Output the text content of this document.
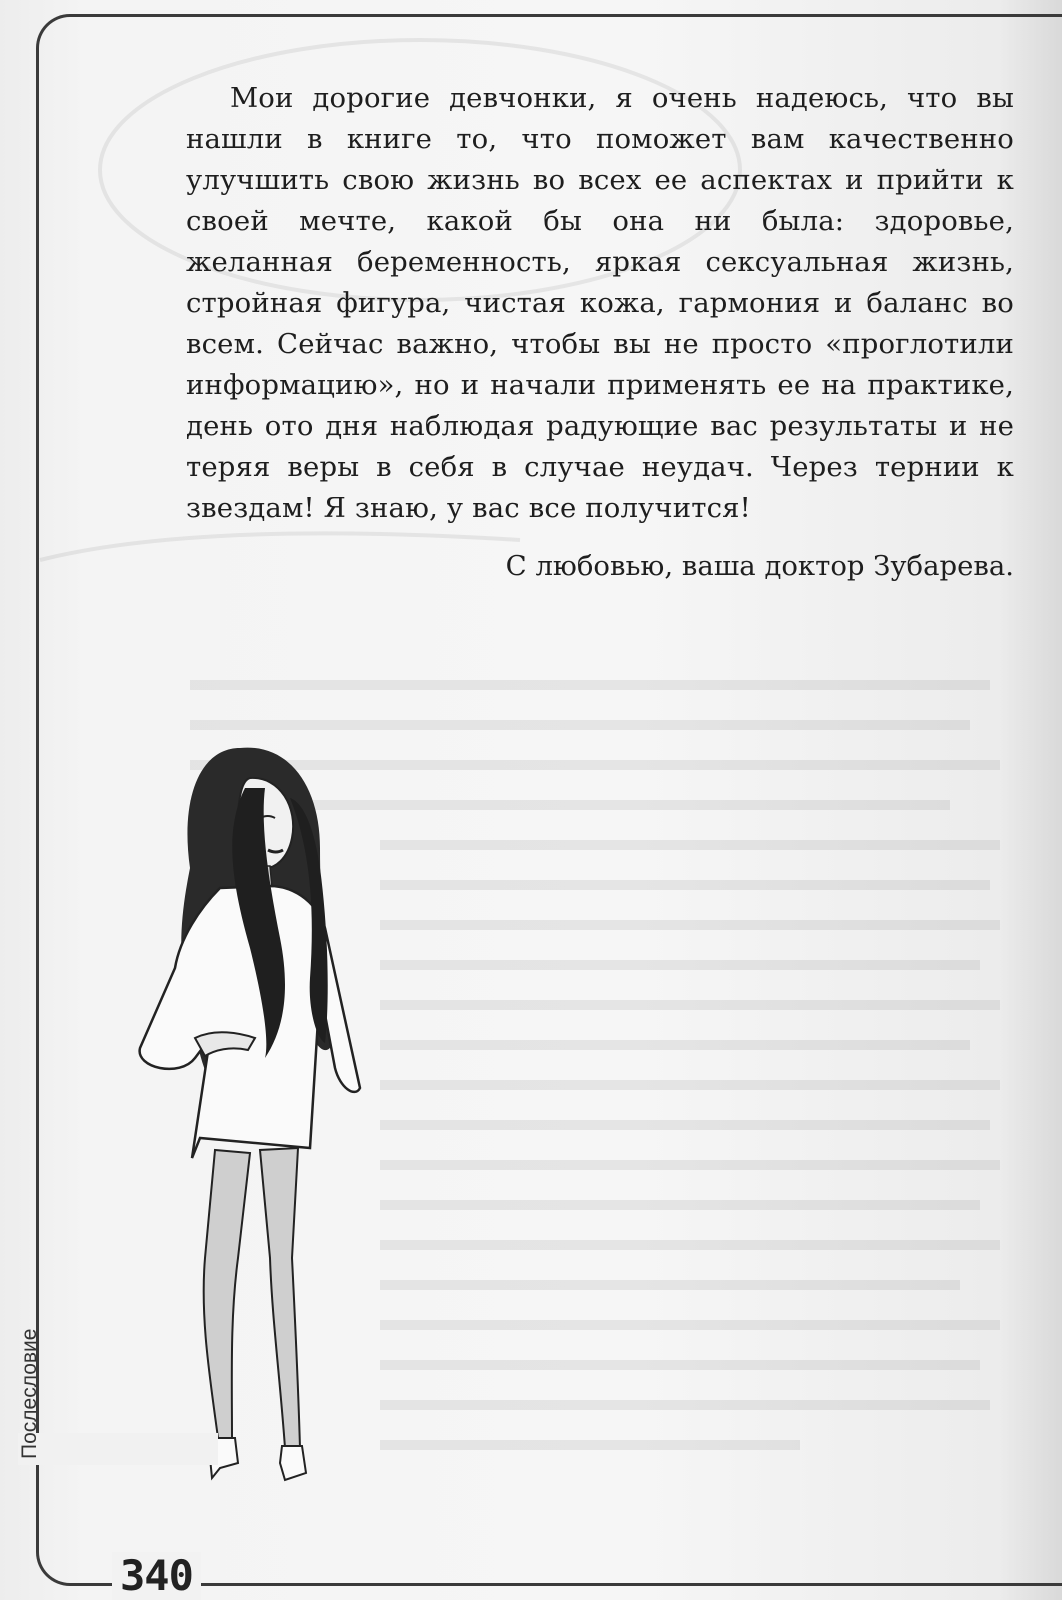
Мои дорогие девчонки, я очень надеюсь, что вы нашли в книге то, что поможет вам качественно улучшить свою жизнь во всех ее аспектах и прийти к своей мечте, какой бы она ни была: здоровье, желанная беременность, яркая сексуальная жизнь, стройная фигура, чистая кожа, гармония и баланс во всем. Сейчас важно, чтобы вы не просто «проглотили информацию», но и начали применять ее на практике, день ото дня наблюдая радующие вас результаты и не теряя веры в себя в случае неудач. Через тернии к звездам! Я знаю, у вас все получится!

С любовью, ваша доктор Зубарева.

Послесловие
340
